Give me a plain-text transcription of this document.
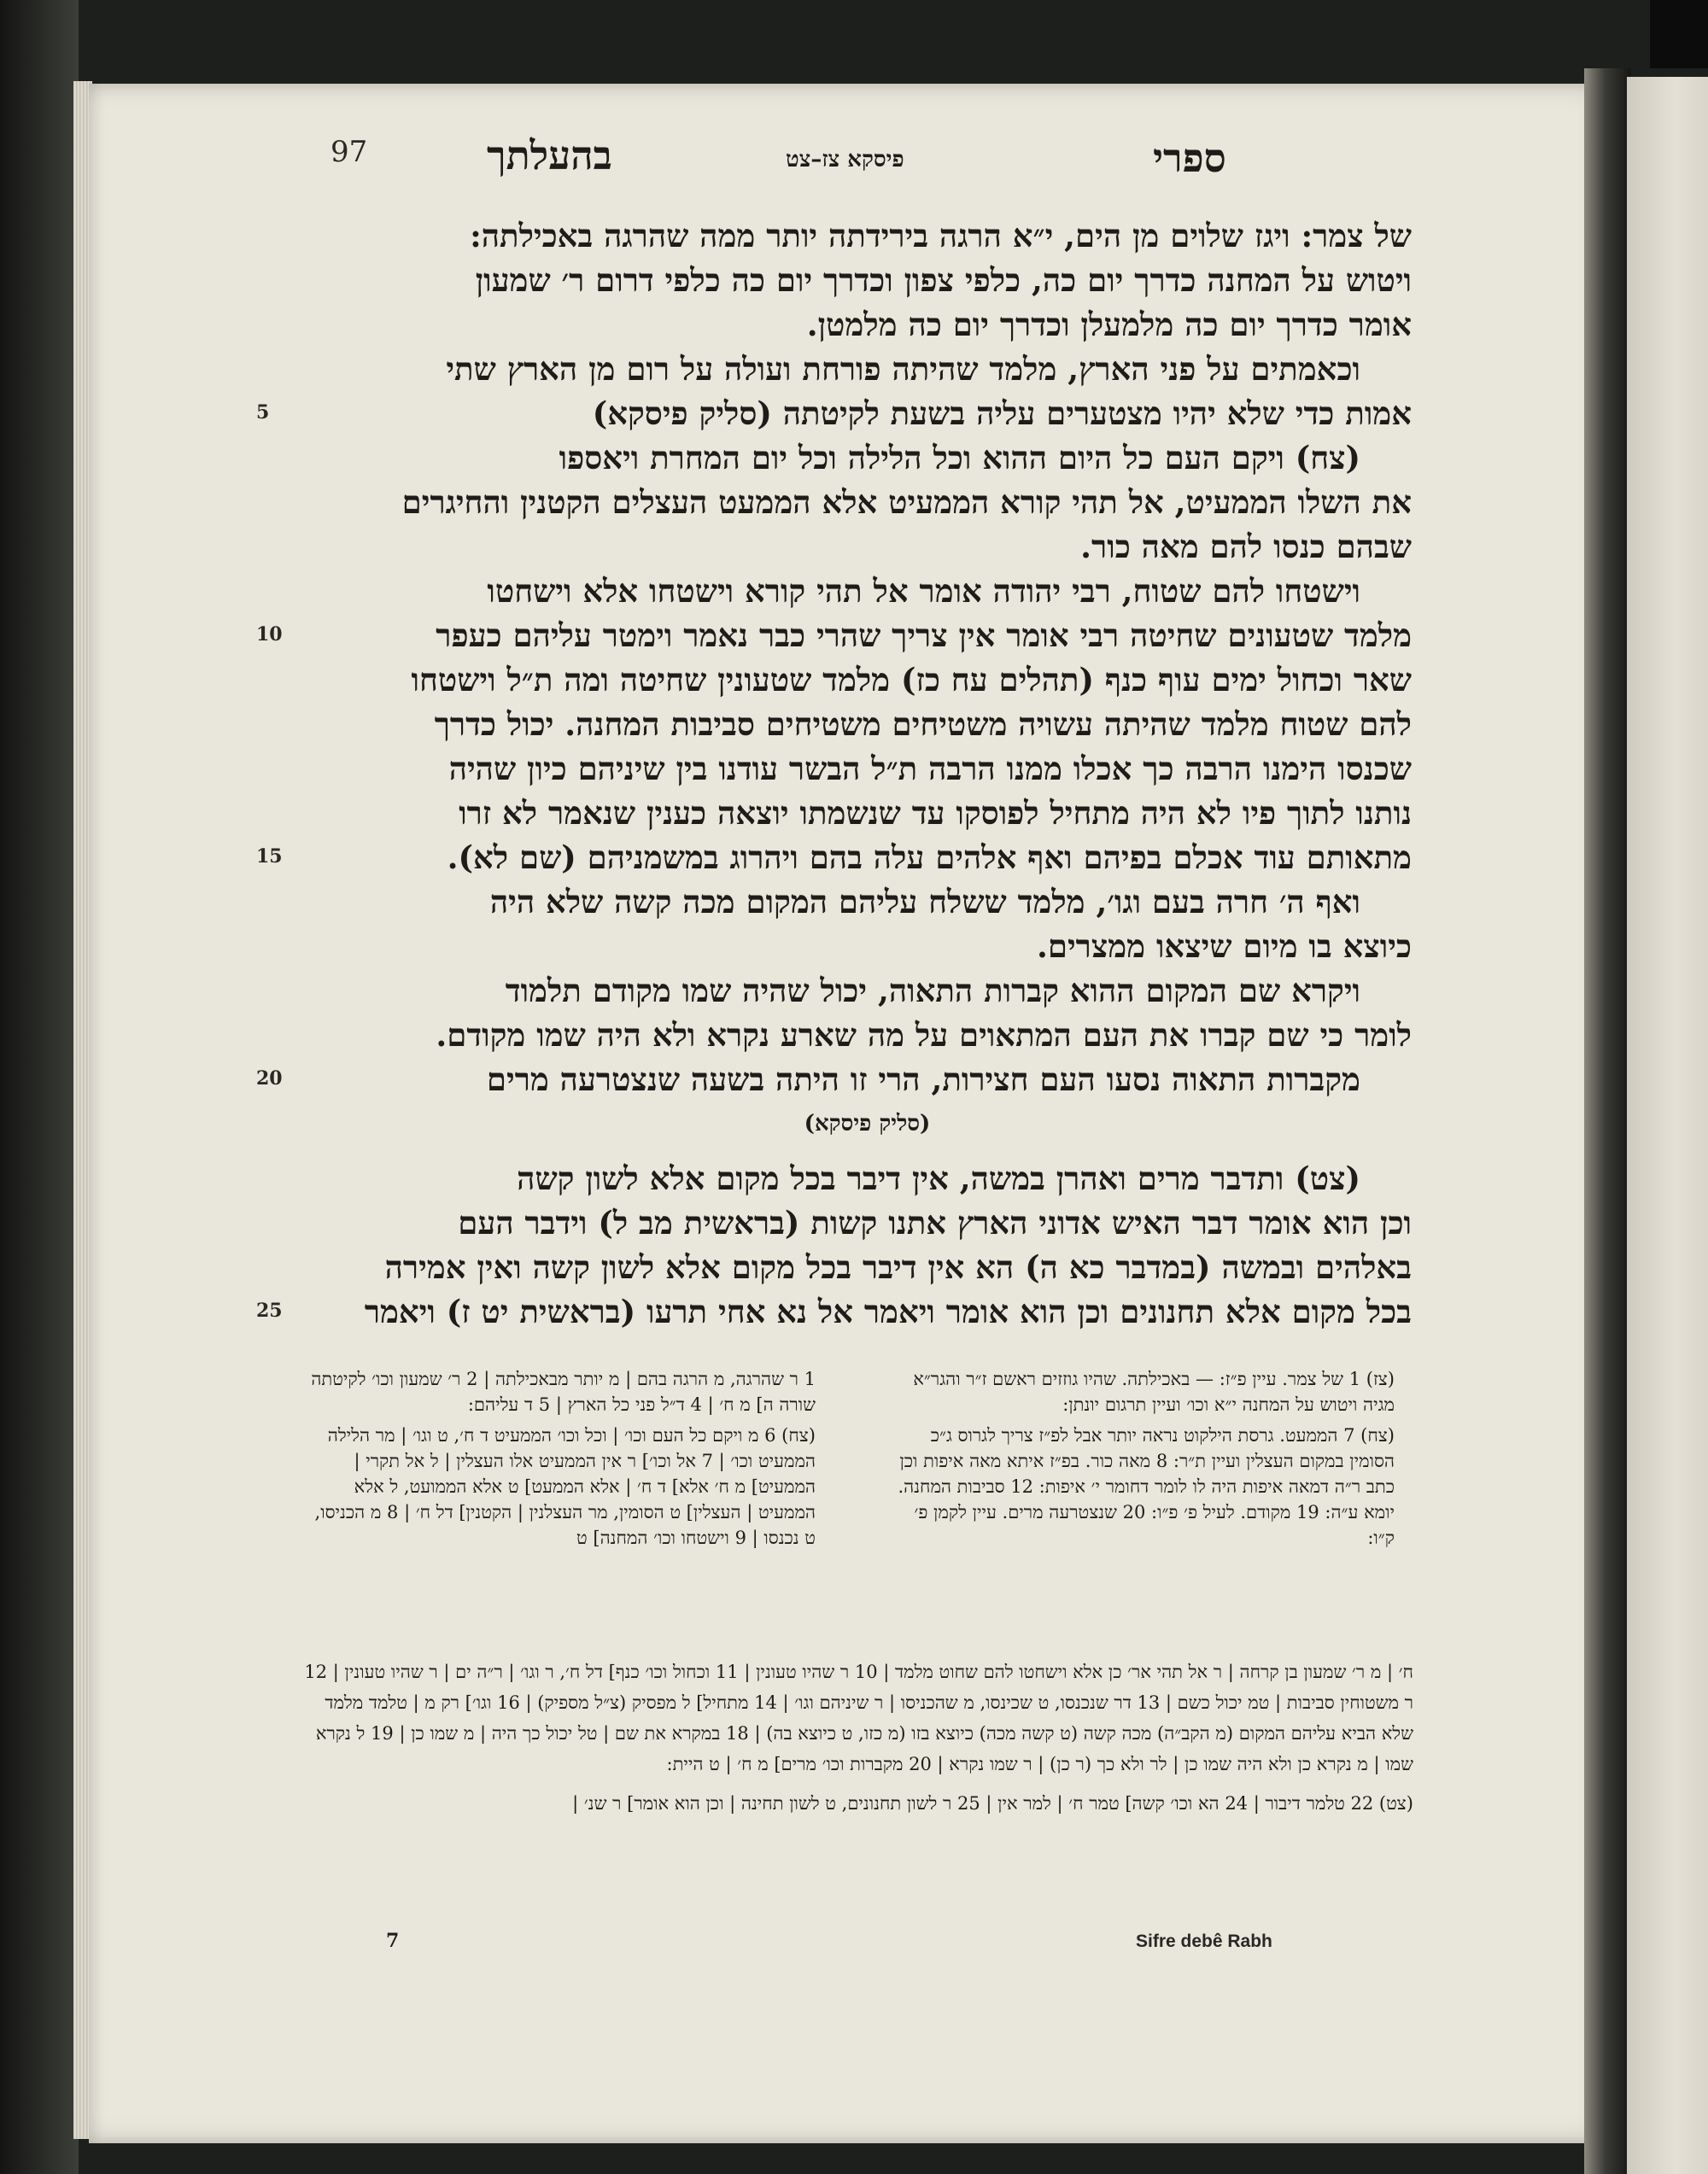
97	בהעלתך	פיסקא צז–צט	ספרי
של צמר: ויגז שלוים מן הים, י״א הרגה בירידתה יותר ממה שהרגה באכילתה:
ויטוש על המחנה כדרך יום כה, כלפי צפון וכדרך יום כה כלפי דרום ר׳ שמעון
אומר כדרך יום כה מלמעלן וכדרך יום כה מלמטן.
וכאמתים על פני הארץ, מלמד שהיתה פורחת ועולה על רום מן הארץ שתי
אמות כדי שלא יהיו מצטערים עליה בשעת לקיטתה (סליק פיסקא)
(צח) ויקם העם כל היום ההוא וכל הלילה וכל יום המחרת ויאספו
את השלו הממעיט, אל תהי קורא הממעיט אלא הממעט העצלים הקטנין והחיגרים
שבהם כנסו להם מאה כור.
וישטחו להם שטוח, רבי יהודה אומר אל תהי קורא וישטחו אלא וישחטו
מלמד שטעונים שחיטה רבי אומר אין צריך שהרי כבר נאמר וימטר עליהם כעפר
שאר וכחול ימים עוף כנף (תהלים עח כז) מלמד שטעונין שחיטה ומה ת״ל וישטחו
להם שטוח מלמד שהיתה עשויה משטיחים משטיחים סביבות המחנה. יכול כדרך
שכנסו הימנו הרבה כך אכלו ממנו הרבה ת״ל הבשר עודנו בין שיניהם כיון שהיה
נותנו לתוך פיו לא היה מתחיל לפוסקו עד שנשמתו יוצאה כענין שנאמר לא זרו
מתאותם עוד אכלם בפיהם ואף אלהים עלה בהם ויהרוג במשמניהם (שם לא).
ואף ה׳ חרה בעם וגו׳, מלמד ששלח עליהם המקום מכה קשה שלא היה
כיוצא בו מיום שיצאו ממצרים.
ויקרא שם המקום ההוא קברות התאוה, יכול שהיה שמו מקודם תלמוד
לומר כי שם קברו את העם המתאוים על מה שארע נקרא ולא היה שמו מקודם.
מקברות התאוה נסעו העם חצירות, הרי זו היתה בשעה שנצטרעה מרים
(סליק פיסקא)
(צט) ותדבר מרים ואהרן במשה, אין דיבר בכל מקום אלא לשון קשה
וכן הוא אומר דבר האיש אדוני הארץ אתנו קשות (בראשית מב ל) וידבר העם
באלהים ובמשה (במדבר כא ה) הא אין דיבר בכל מקום אלא לשון קשה ואין אמירה
בכל מקום אלא תחנונים וכן הוא אומר ויאמר אל נא אחי תרעו (בראשית יט ז) ויאמר
5
10
15
20
25

(צז) 1 של צמר. עיין פ״ז: — באכילתה. שהיו גוזזים ראשם ז״ר והגר״א מגיה ויטוש על המחנה י״א וכו׳ ועיין תרגום יונתן:

(צח) 7 הממעט. גרסת הילקוט נראה יותר אבל לפ״ז צריך לגרוס ג״כ הסומין במקום העצלין ועיין ת״ר: 8 מאה כור. בפ״ז איתא מאה איפות וכן כתב ר״ה דמאה איפות היה לו לומר דחומר י׳ איפות: 12 סביבות המחנה. יומא ע״ה: 19 מקודם. לעיל פ׳ פ״ו: 20 שנצטרעה מרים. עיין לקמן פ׳ ק״ו:

1 ר שהרגה, מ הרגה בהם | מ יותר מבאכילתה | 2 ר׳ שמעון וכו׳ לקיטתה שורה ה] מ ח׳ | 4 ד״ל פני כל הארץ | 5 ד עליהם:

(צח) 6 מ ויקם כל העם וכו׳ | וכל וכו׳ הממעיט ד ח׳, ט וגו׳ | מר הלילה הממעיט וכו׳ | 7 אל וכו׳] ר אין הממעיט אלו העצלין | ל אל תקרי | הממעיט] מ ח׳ אלא] ד ח׳ | אלא הממעט] ט אלא הממועט, ל אלא הממעיט | העצלין] ט הסומין, מר העצלנין | הקטנין] דל ח׳ | 8 מ הכניסו, ט נכנסו | 9 וישטחו וכו׳ המחנה] ט

ח׳ | מ ר׳ שמעון בן קרחה | ר אל תהי אר׳ כן אלא וישחטו להם שחוט מלמד | 10 ר שהיו טעונין | 11 וכחול וכו׳ כנף] דל ח׳, ר וגו׳ | ר״ה ים | ר שהיו טעונין | 12 ר משטוחין סביבות | טמ יכול כשם | 13 דר שנכנסו, ט שכינסו, מ שהכניסו | ר שיניהם וגו׳ | 14 מתחיל] ל מפסיק (צ״ל מספיק) | 16 וגו׳] רק מ | טלמד מלמד שלא הביא עליהם המקום (מ הקב״ה) מכה קשה (ט קשה מכה) כיוצא בזו (מ כזו, ט כיוצא בה) | 18 במקרא את שם | טל יכול כך היה | מ שמו כן | 19 ל נקרא שמו | מ נקרא כן ולא היה שמו כן | לר ולא כך (ר כן) | ר שמו נקרא | 20 מקברות וכו׳ מרים] מ ח׳ | ט היית:

(צט) 22 טלמר דיבור | 24 הא וכו׳ קשה] טמר ח׳ | למר אין | 25 ר לשון תחנונים, ט לשון תחינה | וכן הוא אומר] ר שנ׳ |

7	Sifre debê Rabh
